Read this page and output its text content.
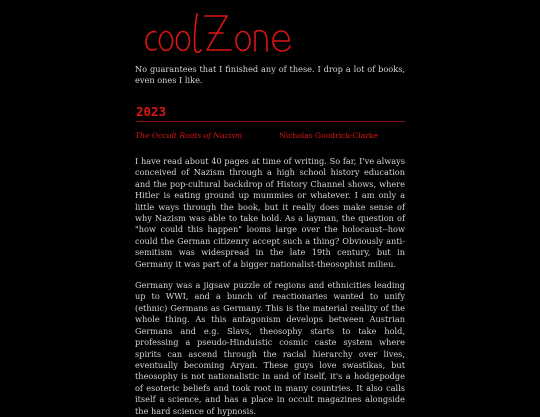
No guarantees that I finished any of these. I drop a lot of books, even ones I like.

2023
The Occult Roots of Nazism	Nicholas Goodrick-Clarke

I have read about 40 pages at time of writing. So far, I've always conceived of Nazism through a high school history education and the pop-cultural backdrop of History Channel shows, where Hitler is eating ground up mummies or whatever. I am only a little ways through the book, but it really does make sense of why Nazism was able to take hold. As a layman, the question of "how could this happen" looms large over the holocaust--how could the German citizenry accept such a thing? Obviously anti-semitism was widespread in the late 19th century, but in Germany it was part of a bigger nationalist-theosophist milieu.

Germany was a jigsaw puzzle of regions and ethnicities leading up to WWI, and a bunch of reactionaries wanted to unify (ethnic) Germans as Germany. This is the material reality of the whole thing. As this antagonism develops between Austrian Germans and e.g. Slavs, theosophy starts to take hold, professing a pseudo-Hinduistic cosmic caste system where spirits can ascend through the racial hierarchy over lives, eventually becoming Aryan. These guys love swastikas, but theosophy is not nationalistic in and of itself, it's a hodgepodge of esoteric beliefs and took root in many countries. It also calls itself a science, and has a place in occult magazines alongside the hard science of hypnosis.
